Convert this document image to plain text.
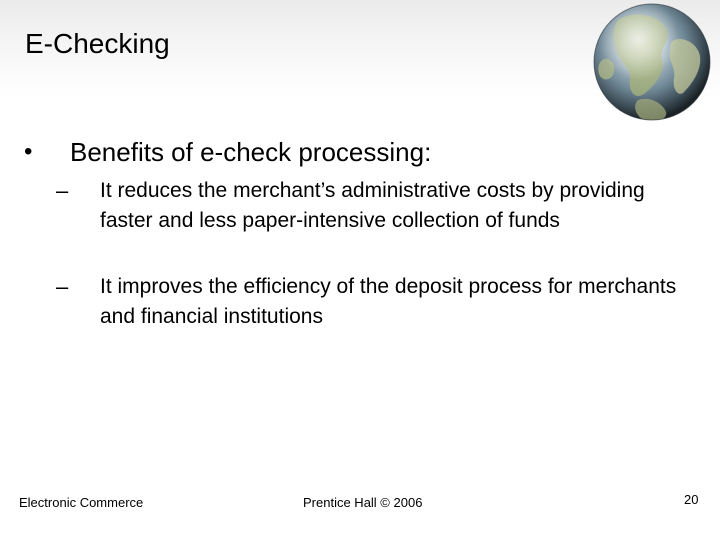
E-Checking
• Benefits of e-check processing:
– It reduces the merchant’s administrative costs by providing faster and less paper-intensive collection of funds
– It improves the efficiency of the deposit process for merchants and financial institutions
Electronic Commerce	Prentice Hall © 2006	20
